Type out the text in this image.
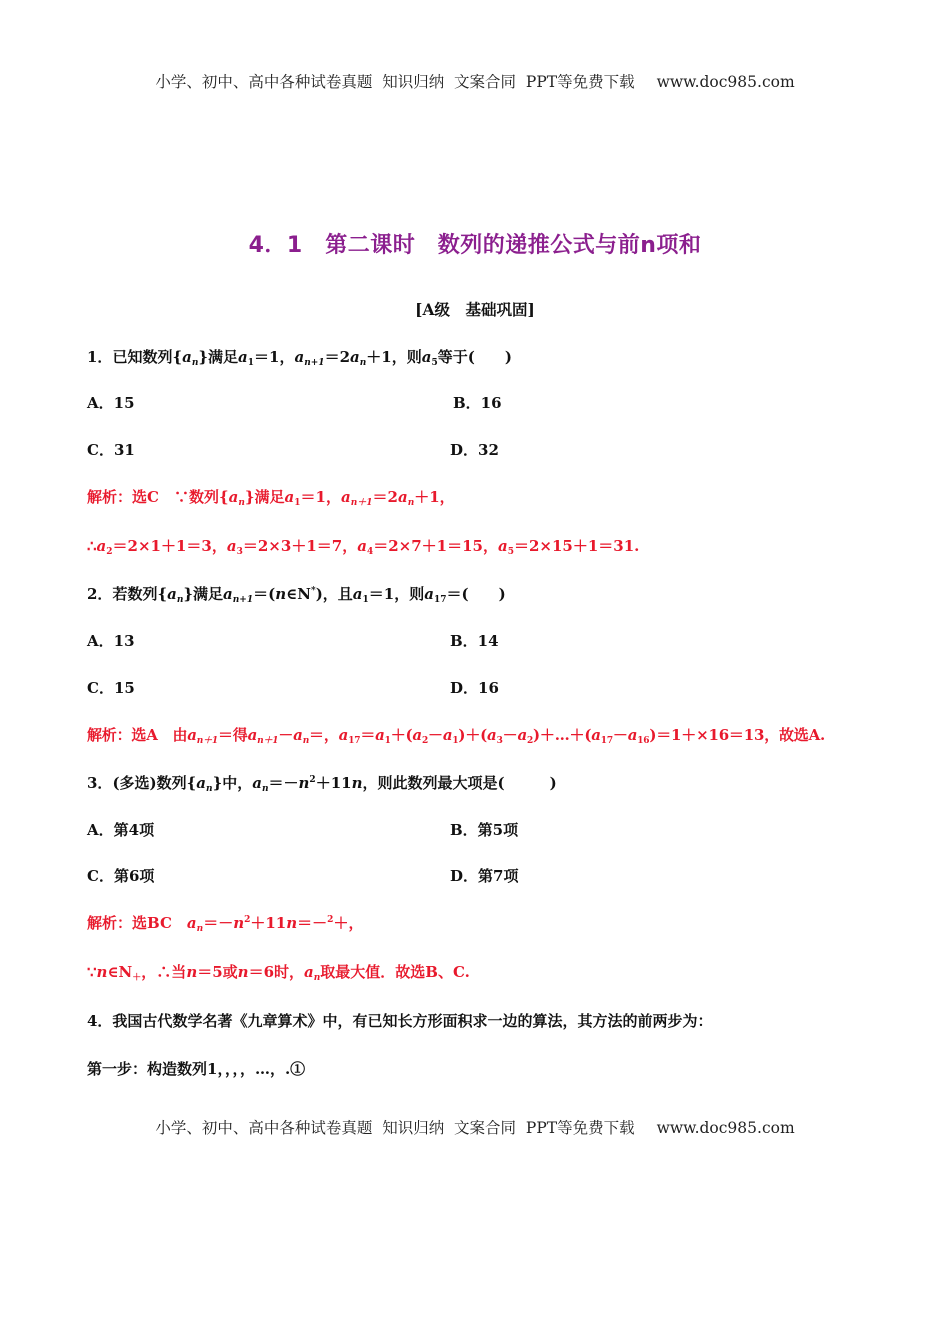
小学、初中、高中各种试卷真题  知识归纳  文案合同  PPT等免费下载 www.doc985.com
4．1　第二课时　数列的递推公式与前n项和
[A级　基础巩固]
1．已知数列$\{a_n\}$满足$a_1=1$，$a_{n+1}=2a_n+1$，则$a_5$等于(　　)
A．15	B．16
C．31	D．32
解析：选C　∵数列$\{a_n\}$满足$a_1=1$，$a_{n+1}=2a_n+1$，
$\therefore a_2=2\times 1+1=3$，$a_3=2\times 3+1=7$，$a_4=2\times 7+1=15$，$a_5=2\times 15+1=31$.
2．若数列$\{a_n\}$满足$a_{n+1}=(n\in N^*)$，且$a_1=1$，则$a_{17}=$(　　)
A．13	B．14
C．15	D．16
解析：选A　由$a_{n+1}=$得$a_{n+1}-a_n=$，$a_{17}=a_1+(a_2-a_1)+(a_3-a_2)+\dots+(a_{17}-a_{16})=1+\times 16=13$，故选A.
3．(多选)数列$\{a_n\}$中，$a_n=-n^2+11n$，则此数列最大项是(　　　)
A．第4项	B．第5项
C．第6项	D．第7项
解析：选BC　$a_n=-n^2+11n=-^2+$，
$\because n\in N_+$，∴当n＝5或n＝6时，$a_n$取最大值．故选B、C.
4．我国古代数学名著《九章算术》中，有已知长方形面积求一边的算法，其方法的前两步为：
第一步：构造数列1，，，，…，.①
小学、初中、高中各种试卷真题  知识归纳  文案合同  PPT等免费下载 www.doc985.com
